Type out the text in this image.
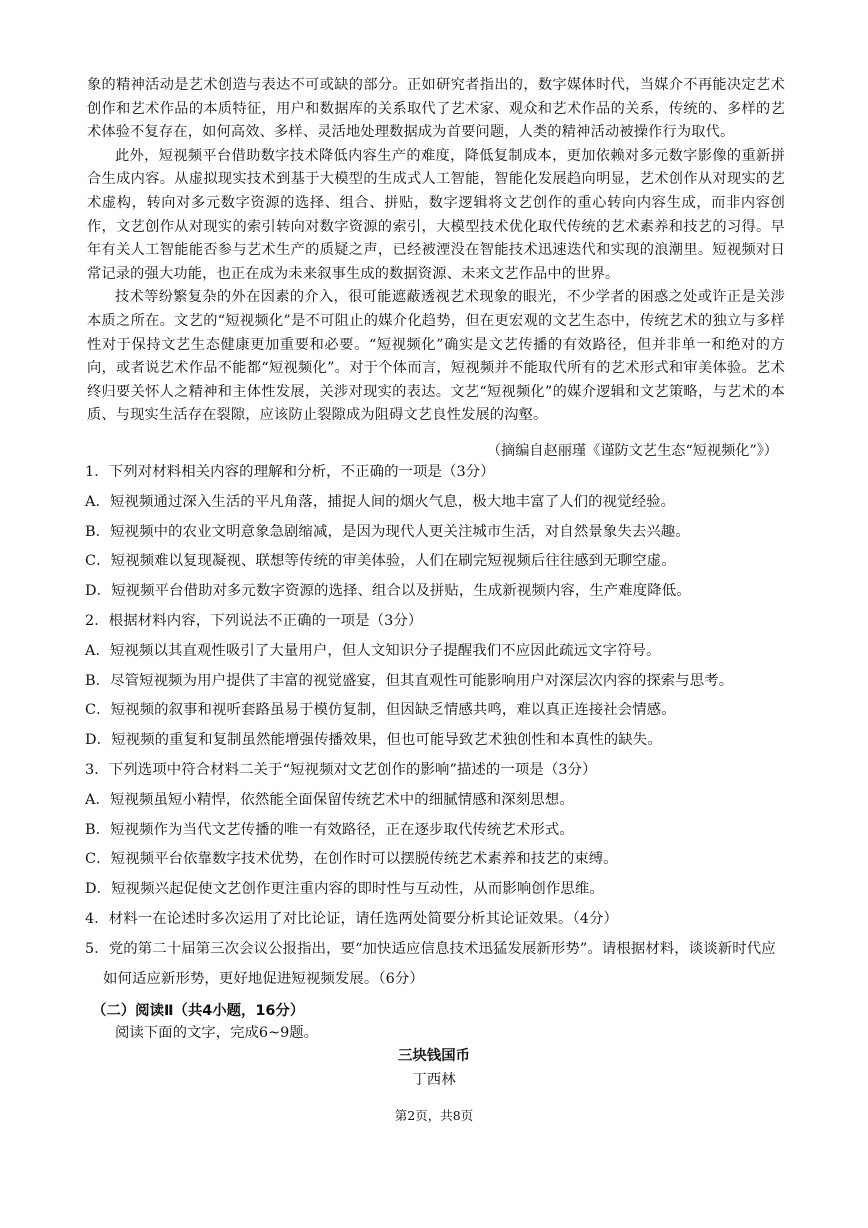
象的精神活动是艺术创造与表达不可或缺的部分。正如研究者指出的，数字媒体时代，当媒介不再能决定艺术创作和艺术作品的本质特征，用户和数据库的关系取代了艺术家、观众和艺术作品的关系，传统的、多样的艺术体验不复存在，如何高效、多样、灵活地处理数据成为首要问题，人类的精神活动被操作行为取代。

此外，短视频平台借助数字技术降低内容生产的难度，降低复制成本，更加依赖对多元数字影像的重新拼合生成内容。从虚拟现实技术到基于大模型的生成式人工智能，智能化发展趋向明显，艺术创作从对现实的艺术虚构，转向对多元数字资源的选择、组合、拼贴，数字逻辑将文艺创作的重心转向内容生成，而非内容创作，文艺创作从对现实的索引转向对数字资源的索引，大模型技术优化取代传统的艺术素养和技艺的习得。早年有关人工智能能否参与艺术生产的质疑之声，已经被湮没在智能技术迅速迭代和实现的浪潮里。短视频对日常记录的强大功能，也正在成为未来叙事生成的数据资源、未来文艺作品中的世界。

技术等纷繁复杂的外在因素的介入，很可能遮蔽透视艺术现象的眼光，不少学者的困惑之处或许正是关涉本质之所在。文艺的“短视频化”是不可阻止的媒介化趋势，但在更宏观的文艺生态中，传统艺术的独立与多样性对于保持文艺生态健康更加重要和必要。“短视频化”确实是文艺传播的有效路径，但并非单一和绝对的方向，或者说艺术作品不能都“短视频化”。对于个体而言，短视频并不能取代所有的艺术形式和审美体验。艺术终归要关怀人之精神和主体性发展，关涉对现实的表达。文艺“短视频化”的媒介逻辑和文艺策略，与艺术的本质、与现实生活存在裂隙，应该防止裂隙成为阻碍文艺良性发展的沟壑。

（摘编自赵丽瑾《谨防文艺生态“短视频化”》）

1．下列对材料相关内容的理解和分析，不正确的一项是（3分）

A．短视频通过深入生活的平凡角落，捕捉人间的烟火气息，极大地丰富了人们的视觉经验。

B．短视频中的农业文明意象急剧缩减，是因为现代人更关注城市生活，对自然景象失去兴趣。

C．短视频难以复现凝视、联想等传统的审美体验，人们在刷完短视频后往往感到无聊空虚。

D．短视频平台借助对多元数字资源的选择、组合以及拼贴，生成新视频内容，生产难度降低。

2．根据材料内容，下列说法不正确的一项是（3分）

A．短视频以其直观性吸引了大量用户，但人文知识分子提醒我们不应因此疏远文字符号。

B．尽管短视频为用户提供了丰富的视觉盛宴，但其直观性可能影响用户对深层次内容的探索与思考。

C．短视频的叙事和视听套路虽易于模仿复制，但因缺乏情感共鸣，难以真正连接社会情感。

D．短视频的重复和复制虽然能增强传播效果，但也可能导致艺术独创性和本真性的缺失。

3．下列选项中符合材料二关于“短视频对文艺创作的影响”描述的一项是（3分）

A．短视频虽短小精悍，依然能全面保留传统艺术中的细腻情感和深刻思想。

B．短视频作为当代文艺传播的唯一有效路径，正在逐步取代传统艺术形式。

C．短视频平台依靠数字技术优势，在创作时可以摆脱传统艺术素养和技艺的束缚。

D．短视频兴起促使文艺创作更注重内容的即时性与互动性，从而影响创作思维。

4．材料一在论述时多次运用了对比论证，请任选两处简要分析其论证效果。（4分）

5．党的第二十届第三次会议公报指出，要“加快适应信息技术迅猛发展新形势”。请根据材料，谈谈新时代应如何适应新形势，更好地促进短视频发展。（6分）

（二）阅读Ⅱ（共4小题，16分）
阅读下面的文字，完成6~9题。
三块钱国币
丁西林
第2页，共8页
